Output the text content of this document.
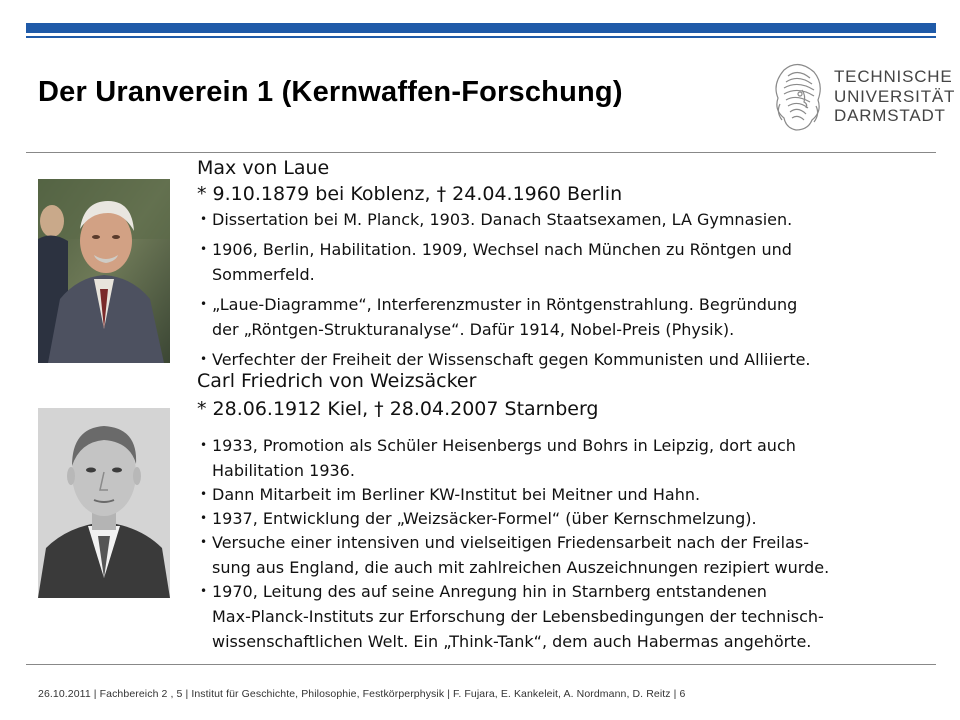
Der Uranverein 1 (Kernwaffen-Forschung)	TECHNISCHE
UNIVERSITÄT
DARMSTADT
Max von Laue
* 9.10.1879 bei Koblenz, † 24.04.1960 Berlin
• Dissertation bei M. Planck, 1903. Danach Staatsexamen, LA Gymnasien.
• 1906, Berlin, Habilitation. 1909, Wechsel nach München zu Röntgen und
Sommerfeld.
• „Laue-Diagramme“, Interferenzmuster in Röntgenstrahlung. Begründung
der „Röntgen-Strukturanalyse“. Dafür 1914, Nobel-Preis (Physik).
• Verfechter der Freiheit der Wissenschaft gegen Kommunisten und Alliierte.
Carl Friedrich von Weizsäcker
* 28.06.1912 Kiel, † 28.04.2007 Starnberg
• 1933, Promotion als Schüler Heisenbergs und Bohrs in Leipzig, dort auch
Habilitation 1936.
• Dann Mitarbeit im Berliner KW-Institut bei Meitner und Hahn.
• 1937, Entwicklung der „Weizsäcker-Formel“ (über Kernschmelzung).
• Versuche einer intensiven und vielseitigen Friedensarbeit nach der Freilas-
sung aus England, die auch mit zahlreichen Auszeichnungen rezipiert wurde.
• 1970, Leitung des auf seine Anregung hin in Starnberg entstandenen
Max-Planck-Instituts zur Erforschung der Lebensbedingungen der technisch-
wissenschaftlichen Welt. Ein „Think-Tank“, dem auch Habermas angehörte.
26.10.2011 | Fachbereich 2 , 5 | Institut für Geschichte, Philosophie, Festkörperphysik | F. Fujara, E. Kankeleit, A. Nordmann, D. Reitz | 6
